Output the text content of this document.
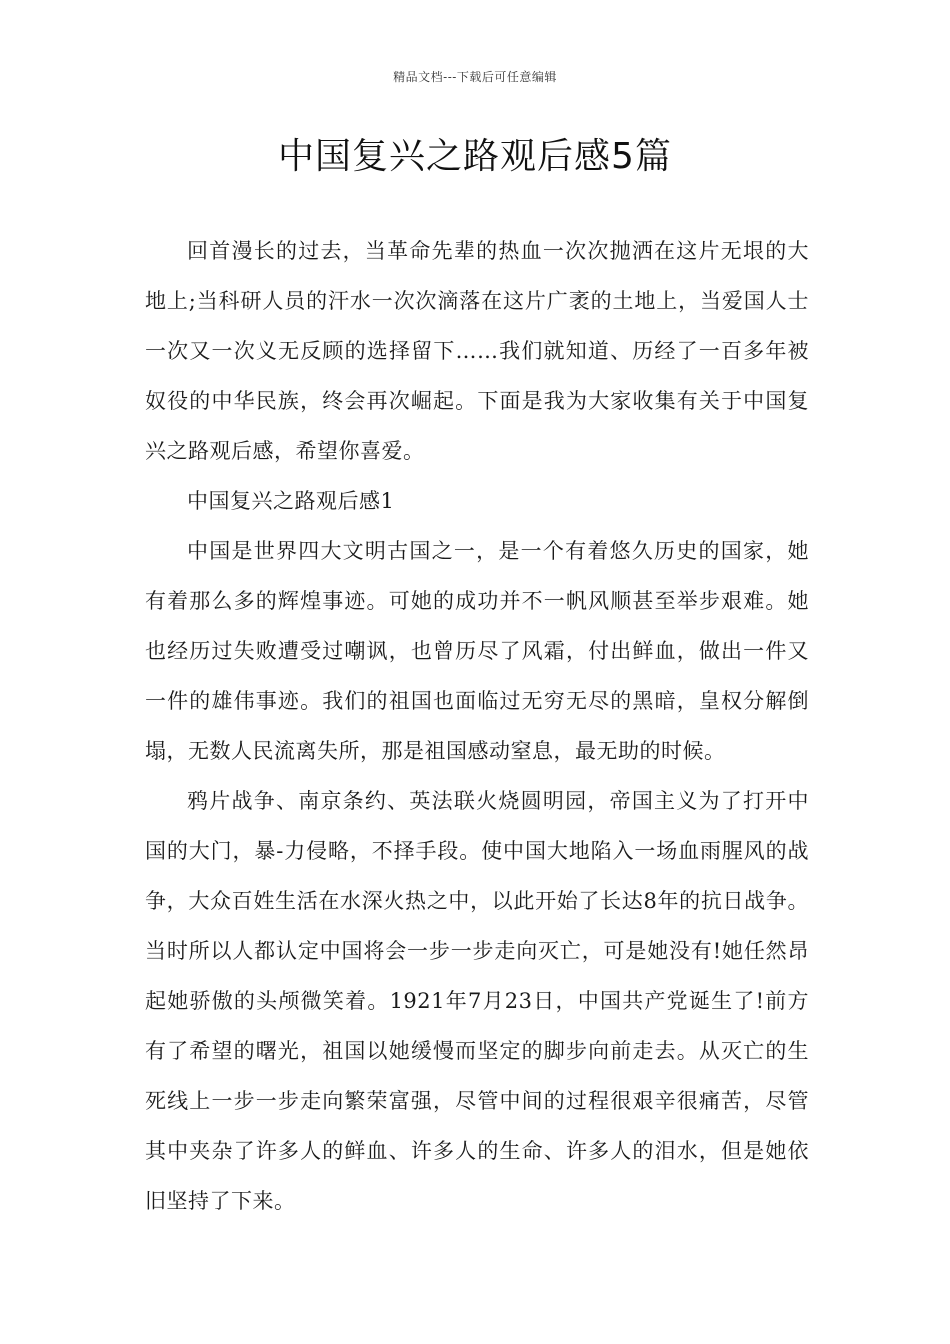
精品文档---下载后可任意编辑
中国复兴之路观后感5篇

回首漫长的过去，当革命先辈的热血一次次抛洒在这片无垠的大地上;当科研人员的汗水一次次滴落在这片广袤的土地上，当爱国人士一次又一次义无反顾的选择留下……我们就知道、历经了一百多年被奴役的中华民族，终会再次崛起。下面是我为大家收集有关于中国复兴之路观后感，希望你喜爱。

中国复兴之路观后感1

中国是世界四大文明古国之一，是一个有着悠久历史的国家，她有着那么多的辉煌事迹。可她的成功并不一帆风顺甚至举步艰难。她也经历过失败遭受过嘲讽，也曾历尽了风霜，付出鲜血，做出一件又一件的雄伟事迹。我们的祖国也面临过无穷无尽的黑暗，皇权分解倒塌，无数人民流离失所，那是祖国感动窒息，最无助的时候。

鸦片战争、南京条约、英法联火烧圆明园，帝国主义为了打开中国的大门，暴-力侵略，不择手段。使中国大地陷入一场血雨腥风的战争，大众百姓生活在水深火热之中，以此开始了长达8年的抗日战争。当时所以人都认定中国将会一步一步走向灭亡，可是她没有!她任然昂起她骄傲的头颅微笑着。1921年7月23日，中国共产党诞生了!前方有了希望的曙光，祖国以她缓慢而坚定的脚步向前走去。从灭亡的生死线上一步一步走向繁荣富强，尽管中间的过程很艰辛很痛苦，尽管其中夹杂了许多人的鲜血、许多人的生命、许多人的泪水，但是她依旧坚持了下来。
